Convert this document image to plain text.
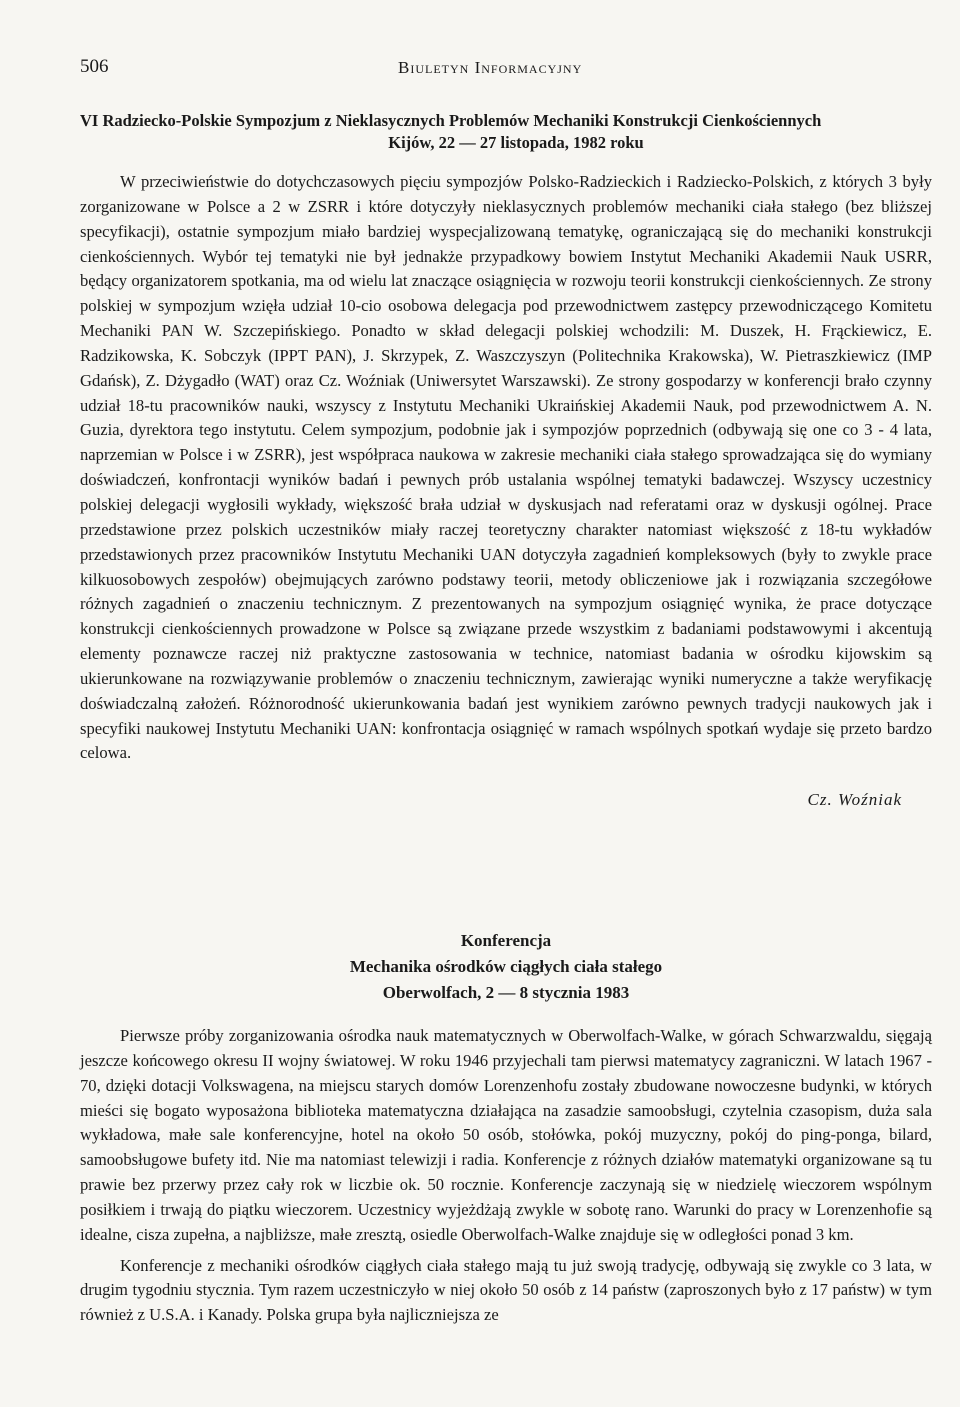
506	Biuletyn Informacyjny

VI Radziecko-Polskie Sympozjum z Nieklasycznych Problemów Mechaniki Konstrukcji Cienkościennych

Kijów, 22 — 27 listopada, 1982 roku

W przeciwieństwie do dotychczasowych pięciu sympozjów Polsko-Radzieckich i Radziecko-Polskich, z których 3 były zorganizowane w Polsce a 2 w ZSRR i które dotyczyły nieklasycznych problemów mechaniki ciała stałego (bez bliższej specyfikacji), ostatnie sympozjum miało bardziej wyspecjalizowaną tematykę, ograniczającą się do mechaniki konstrukcji cienkościennych. Wybór tej tematyki nie był jednakże przypadkowy bowiem Instytut Mechaniki Akademii Nauk USRR, będący organizatorem spotkania, ma od wielu lat znaczące osiągnięcia w rozwoju teorii konstrukcji cienkościennych. Ze strony polskiej w sympozjum wzięła udział 10-cio osobowa delegacja pod przewodnictwem zastępcy przewodniczącego Komitetu Mechaniki PAN W. Szczepińskiego. Ponadto w skład delegacji polskiej wchodzili: M. Duszek, H. Frąckiewicz, E. Radzikowska, K. Sobczyk (IPPT PAN), J. Skrzypek, Z. Waszczyszyn (Politechnika Krakowska), W. Pietraszkiewicz (IMP Gdańsk), Z. Dżygadło (WAT) oraz Cz. Woźniak (Uniwersytet Warszawski). Ze strony gospodarzy w konferencji brało czynny udział 18-tu pracowników nauki, wszyscy z Instytutu Mechaniki Ukraińskiej Akademii Nauk, pod przewodnictwem A. N. Guzia, dyrektora tego instytutu. Celem sympozjum, podobnie jak i sympozjów poprzednich (odbywają się one co 3 - 4 lata, naprzemian w Polsce i w ZSRR), jest współpraca naukowa w zakresie mechaniki ciała stałego sprowadzająca się do wymiany doświadczeń, konfrontacji wyników badań i pewnych prób ustalania wspólnej tematyki badawczej. Wszyscy uczestnicy polskiej delegacji wygłosili wykłady, większość brała udział w dyskusjach nad referatami oraz w dyskusji ogólnej. Prace przedstawione przez polskich uczestników miały raczej teoretyczny charakter natomiast większość z 18-tu wykładów przedstawionych przez pracowników Instytutu Mechaniki UAN dotyczyła zagadnień kompleksowych (były to zwykle prace kilkuosobowych zespołów) obejmujących zarówno podstawy teorii, metody obliczeniowe jak i rozwiązania szczegółowe różnych zagadnień o znaczeniu technicznym. Z prezentowanych na sympozjum osiągnięć wynika, że prace dotyczące konstrukcji cienkościennych prowadzone w Polsce są związane przede wszystkim z badaniami podstawowymi i akcentują elementy poznawcze raczej niż praktyczne zastosowania w technice, natomiast badania w ośrodku kijowskim są ukierunkowane na rozwiązywanie problemów o znaczeniu technicznym, zawierając wyniki numeryczne a także weryfikację doświadczalną założeń. Różnorodność ukierunkowania badań jest wynikiem zarówno pewnych tradycji naukowych jak i specyfiki naukowej Instytutu Mechaniki UAN: konfrontacja osiągnięć w ramach wspólnych spotkań wydaje się przeto bardzo celowa.

Cz. Woźniak

Konferencja

Mechanika ośrodków ciągłych ciała stałego

Oberwolfach, 2 — 8 stycznia 1983

Pierwsze próby zorganizowania ośrodka nauk matematycznych w Oberwolfach-Walke, w górach Schwarzwaldu, sięgają jeszcze końcowego okresu II wojny światowej. W roku 1946 przyjechali tam pierwsi matematycy zagraniczni. W latach 1967 - 70, dzięki dotacji Volkswagena, na miejscu starych domów Lorenzenhofu zostały zbudowane nowoczesne budynki, w których mieści się bogato wyposażona biblioteka matematyczna działająca na zasadzie samoobsługi, czytelnia czasopism, duża sala wykładowa, małe sale konferencyjne, hotel na około 50 osób, stołówka, pokój muzyczny, pokój do ping-ponga, bilard, samoobsługowe bufety itd. Nie ma natomiast telewizji i radia. Konferencje z różnych działów matematyki organizowane są tu prawie bez przerwy przez cały rok w liczbie ok. 50 rocznie. Konferencje zaczynają się w niedzielę wieczorem wspólnym posiłkiem i trwają do piątku wieczorem. Uczestnicy wyjeżdżają zwykle w sobotę rano. Warunki do pracy w Lorenzenhofie są idealne, cisza zupełna, a najbliższe, małe zresztą, osiedle Oberwolfach-Walke znajduje się w odległości ponad 3 km.

Konferencje z mechaniki ośrodków ciągłych ciała stałego mają tu już swoją tradycję, odbywają się zwykle co 3 lata, w drugim tygodniu stycznia. Tym razem uczestniczyło w niej około 50 osób z 14 państw (zaproszonych było z 17 państw) w tym również z U.S.A. i Kanady. Polska grupa była najliczniejsza ze
